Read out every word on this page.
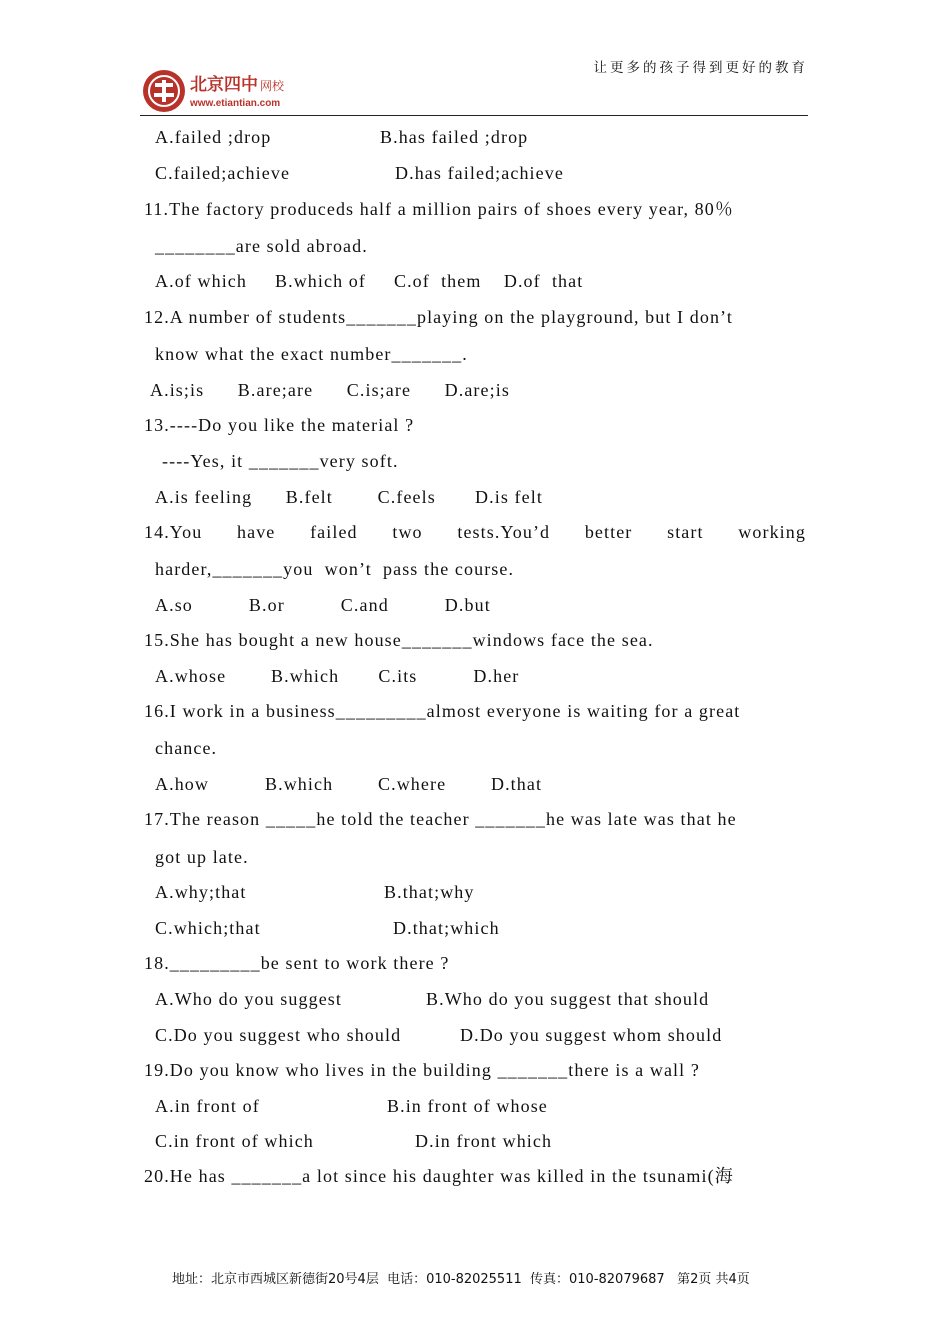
北京四中 网校
www.etiantian.com
让更多的孩子得到更好的教育
A.failed ;drop	B.has failed ;drop
C.failed;achieve	D.has failed;achieve
11.The factory produceds half a million pairs of shoes every year, 80％
________are sold abroad.
A.of which     B.which of     C.of  them    D.of  that
12.A number of students_______playing on the playground, but I don’t
know what the exact number_______.
A.is;is      B.are;are      C.is;are      D.are;is
13.----Do you like the material ?
----Yes, it _______very soft.
A.is feeling      B.felt        C.feels       D.is felt
14.You have failed two tests.You’d better start working
harder,_______you  won’t  pass the course.
A.so          B.or          C.and          D.but
15.She has bought a new house_______windows face the sea.
A.whose        B.which       C.its          D.her
16.I work in a business_________almost everyone is waiting for a great
chance.
A.how          B.which        C.where        D.that
17.The reason _____he told the teacher _______he was late was that he
got up late.
A.why;that	B.that;why
C.which;that	D.that;which
18._________be sent to work there ?
A.Who do you suggest	B.Who do you suggest that should
C.Do you suggest who should	D.Do you suggest whom should
19.Do you know who lives in the building _______there is a wall ?
A.in front of	B.in front of whose
C.in front of which	D.in front which
20.He has _______a lot since his daughter was killed in the tsunami(海
地址：北京市西城区新德街20号4层  电话：010-82025511  传真：010-82079687   第2页 共4页
